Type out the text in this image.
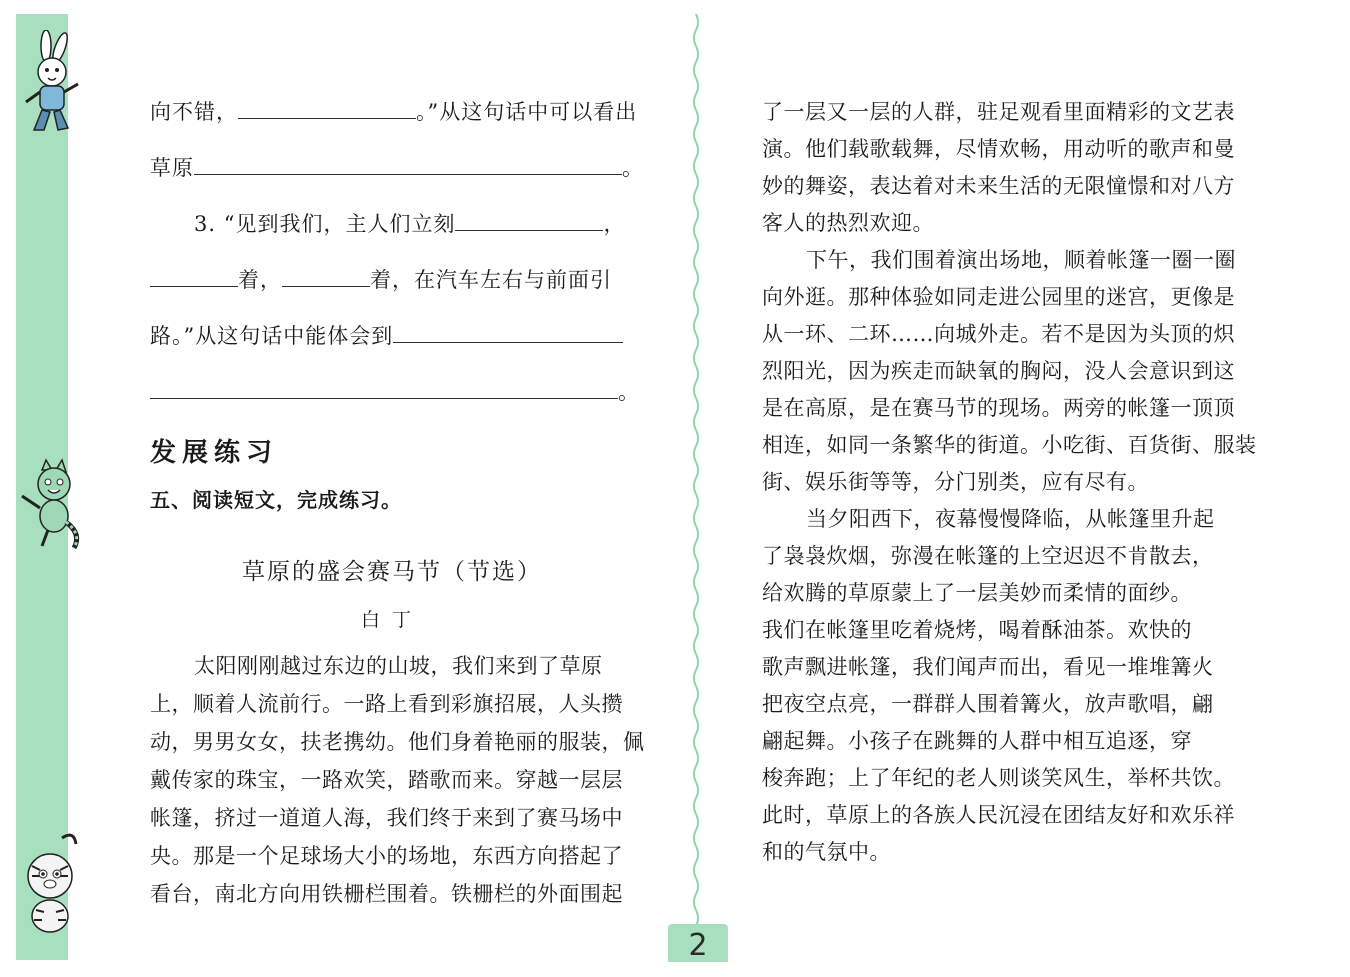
向不错，	。”从这句话中可以看出
草原	。
3. “见到我们，主人们立刻	，
着，	着，在汽车左右与前面引
路。”从这句话中能体会到
。
发展练习
五、阅读短文，完成练习。
草原的盛会赛马节（节选）
白丁
太阳刚刚越过东边的山坡，我们来到了草原
上，顺着人流前行。一路上看到彩旗招展，人头攒
动，男男女女，扶老携幼。他们身着艳丽的服装，佩
戴传家的珠宝，一路欢笑，踏歌而来。穿越一层层
帐篷，挤过一道道人海，我们终于来到了赛马场中
央。那是一个足球场大小的场地，东西方向搭起了
看台，南北方向用铁栅栏围着。铁栅栏的外面围起
了一层又一层的人群，驻足观看里面精彩的文艺表
演。他们载歌载舞，尽情欢畅，用动听的歌声和曼
妙的舞姿，表达着对未来生活的无限憧憬和对八方
客人的热烈欢迎。
下午，我们围着演出场地，顺着帐篷一圈一圈
向外逛。那种体验如同走进公园里的迷宫，更像是
从一环、二环……向城外走。若不是因为头顶的炽
烈阳光，因为疾走而缺氧的胸闷，没人会意识到这
是在高原，是在赛马节的现场。两旁的帐篷一顶顶
相连，如同一条繁华的街道。小吃街、百货街、服装
街、娱乐街等等，分门别类，应有尽有。
当夕阳西下，夜幕慢慢降临，从帐篷里升起
了袅袅炊烟，弥漫在帐篷的上空迟迟不肯散去，
给欢腾的草原蒙上了一层美妙而柔情的面纱。
我们在帐篷里吃着烧烤，喝着酥油茶。欢快的
歌声飘进帐篷，我们闻声而出，看见一堆堆篝火
把夜空点亮，一群群人围着篝火，放声歌唱，翩
翩起舞。小孩子在跳舞的人群中相互追逐，穿
梭奔跑；上了年纪的老人则谈笑风生，举杯共饮。
此时，草原上的各族人民沉浸在团结友好和欢乐祥
和的气氛中。
2
